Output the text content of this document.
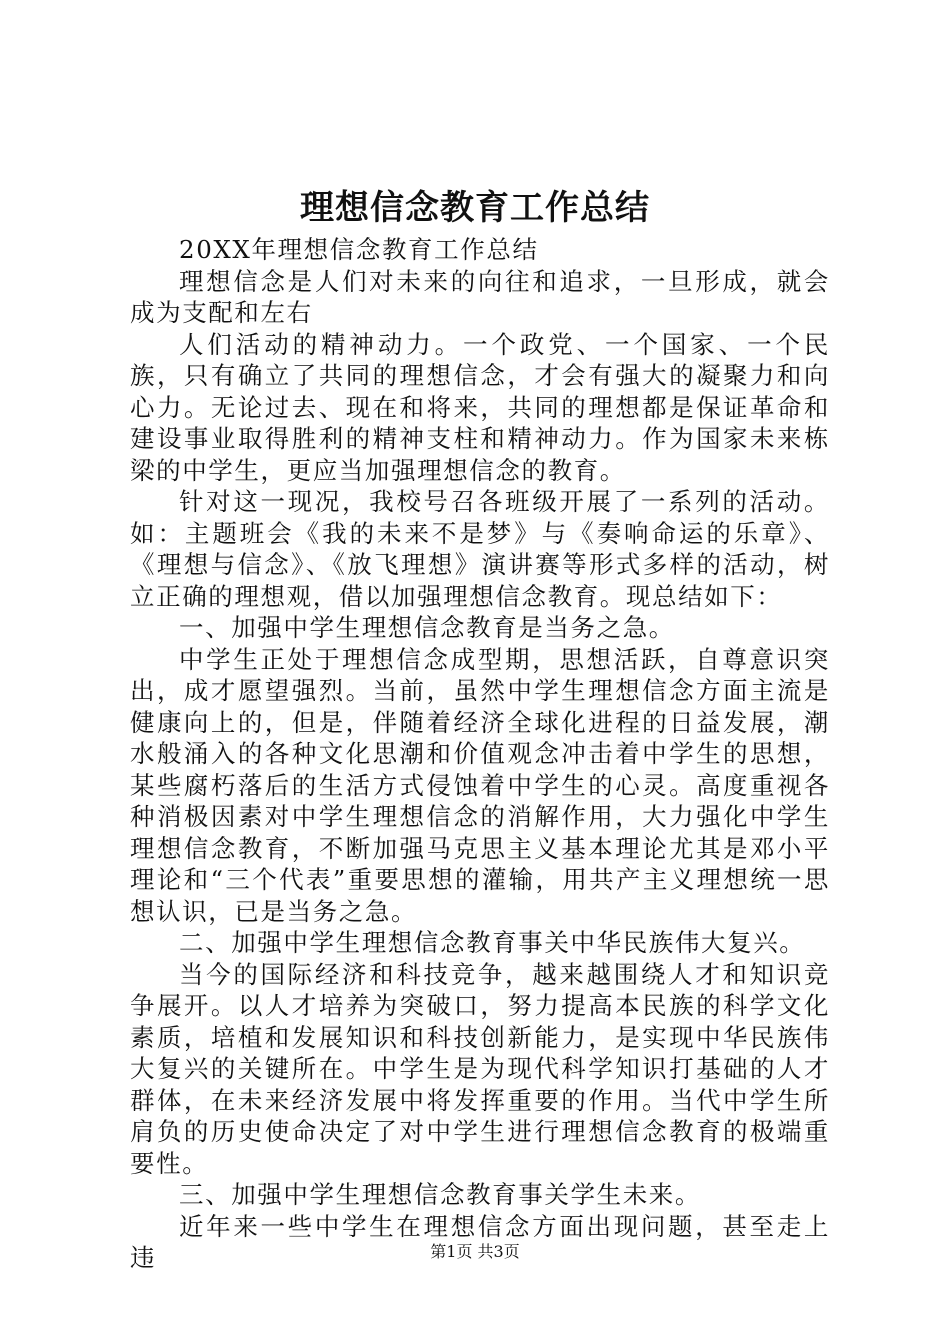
理想信念教育工作总结

20XX年理想信念教育工作总结

理想信念是人们对未来的向往和追求，一旦形成，就会成为支配和左右

人们活动的精神动力。一个政党、一个国家、一个民族，只有确立了共同的理想信念，才会有强大的凝聚力和向心力。无论过去、现在和将来，共同的理想都是保证革命和建设事业取得胜利的精神支柱和精神动力。作为国家未来栋梁的中学生，更应当加强理想信念的教育。

针对这一现况，我校号召各班级开展了一系列的活动。如：主题班会《我的未来不是梦》与《奏响命运的乐章》、《理想与信念》、《放飞理想》演讲赛等形式多样的活动，树立正确的理想观，借以加强理想信念教育。现总结如下：

一、加强中学生理想信念教育是当务之急。

中学生正处于理想信念成型期，思想活跃，自尊意识突出，成才愿望强烈。当前，虽然中学生理想信念方面主流是健康向上的，但是，伴随着经济全球化进程的日益发展，潮水般涌入的各种文化思潮和价值观念冲击着中学生的思想，某些腐朽落后的生活方式侵蚀着中学生的心灵。高度重视各种消极因素对中学生理想信念的消解作用，大力强化中学生理想信念教育，不断加强马克思主义基本理论尤其是邓小平理论和“三个代表”重要思想的灌输，用共产主义理想统一思想认识，已是当务之急。

二、加强中学生理想信念教育事关中华民族伟大复兴。

当今的国际经济和科技竞争，越来越围绕人才和知识竞争展开。以人才培养为突破口，努力提高本民族的科学文化素质，培植和发展知识和科技创新能力，是实现中华民族伟大复兴的关键所在。中学生是为现代科学知识打基础的人才群体，在未来经济发展中将发挥重要的作用。当代中学生所肩负的历史使命决定了对中学生进行理想信念教育的极端重要性。

三、加强中学生理想信念教育事关学生未来。

近年来一些中学生在理想信念方面出现问题，甚至走上违	第1页 共3页
